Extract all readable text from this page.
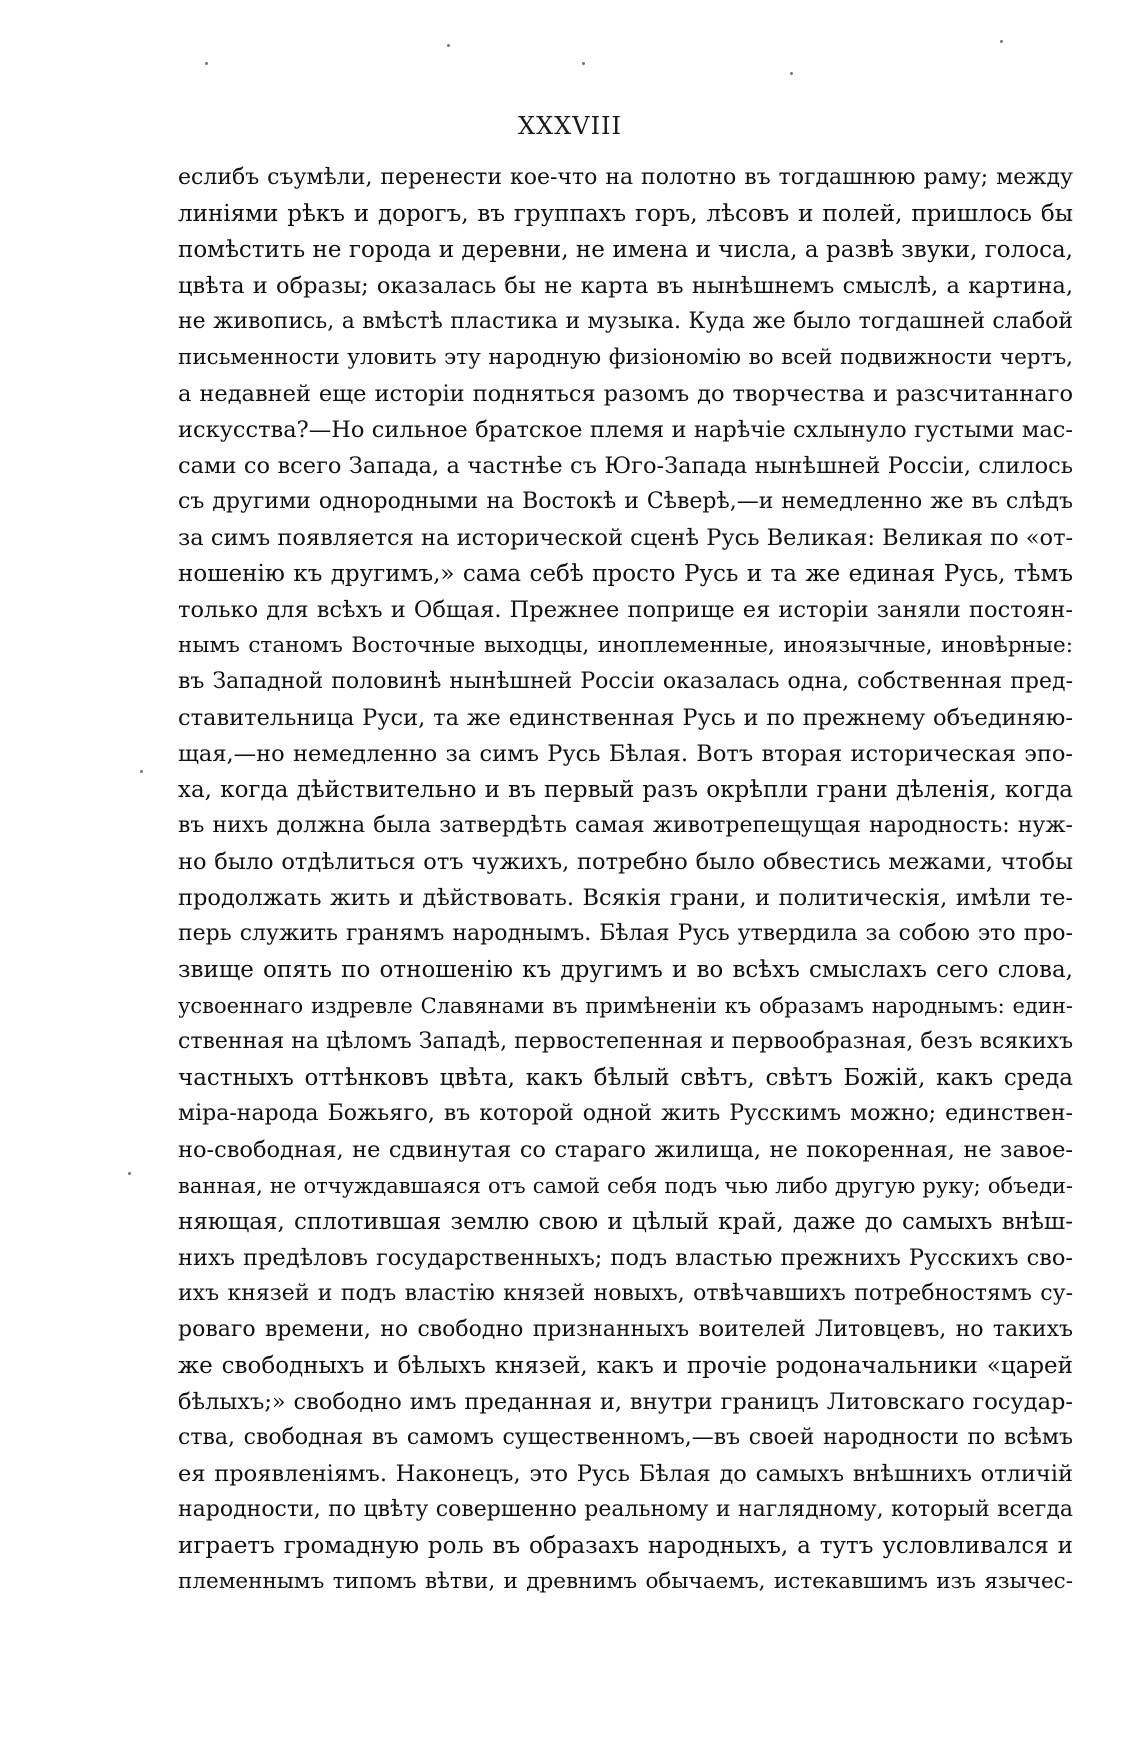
XXXVIII
еслибъ съумѣли, перенести кое-что на полотно въ тогдашнюю раму; между
линіями рѣкъ и дорогъ, въ группахъ горъ, лѣсовъ и полей, пришлось бы
помѣстить не города и деревни, не имена и числа, а развѣ звуки, голоса,
цвѣта и образы; оказалась бы не карта въ нынѣшнемъ смыслѣ, а картина,
не живопись, а вмѣстѣ пластика и музыка. Куда же было тогдашней слабой
письменности уловить эту народную физіономію во всей подвижности чертъ,
а недавней еще исторіи подняться разомъ до творчества и разсчитаннаго
искусства?—Но сильное братское племя и нарѣчіе схлынуло густыми мас-
сами со всего Запада, а частнѣе съ Юго-Запада нынѣшней Россіи, слилось
съ другими однородными на Востокѣ и Сѣверѣ,—и немедленно же въ слѣдъ
за симъ появляется на исторической сценѣ Русь Великая: Великая по «от-
ношенію къ другимъ,» сама себѣ просто Русь и та же единая Русь, тѣмъ
только для всѣхъ и Общая. Прежнее поприще ея исторіи заняли постоян-
нымъ станомъ Восточные выходцы, иноплеменные, иноязычные, иновѣрные:
въ Западной половинѣ нынѣшней Россіи оказалась одна, собственная пред-
ставительница Руси, та же единственная Русь и по прежнему объединяю-
щая,—но немедленно за симъ Русь Бѣлая. Вотъ вторая историческая эпо-
ха, когда дѣйствительно и въ первый разъ окрѣпли грани дѣленія, когда
въ нихъ должна была затвердѣть самая животрепещущая народность: нуж-
но было отдѣлиться отъ чужихъ, потребно было обвестись межами, чтобы
продолжать жить и дѣйствовать. Всякія грани, и политическія, имѣли те-
перь служить гранямъ народнымъ. Бѣлая Русь утвердила за собою это про-
звище опять по отношенію къ другимъ и во всѣхъ смыслахъ сего слова,
усвоеннаго издревле Славянами въ примѣненіи къ образамъ народнымъ: един-
ственная на цѣломъ Западѣ, первостепенная и первообразная, безъ всякихъ
частныхъ оттѣнковъ цвѣта, какъ бѣлый свѣтъ, свѣтъ Божій, какъ среда
міра-народа Божьяго, въ которой одной жить Русскимъ можно; единствен-
но-свободная, не сдвинутая со стараго жилища, не покоренная, не завое-
ванная, не отчуждавшаяся отъ самой себя подъ чью либо другую руку; объеди-
няющая, сплотившая землю свою и цѣлый край, даже до самыхъ внѣш-
нихъ предѣловъ государственныхъ; подъ властью прежнихъ Русскихъ сво-
ихъ князей и подъ властію князей новыхъ, отвѣчавшихъ потребностямъ су-
роваго времени, но свободно признанныхъ воителей Литовцевъ, но такихъ
же свободныхъ и бѣлыхъ князей, какъ и прочіе родоначальники «царей
бѣлыхъ;» свободно имъ преданная и, внутри границъ Литовскаго государ-
ства, свободная въ самомъ существенномъ,—въ своей народности по всѣмъ
ея проявленіямъ. Наконецъ, это Русь Бѣлая до самыхъ внѣшнихъ отличій
народности, по цвѣту совершенно реальному и наглядному, который всегда
играетъ громадную роль въ образахъ народныхъ, а тутъ условливался и
племеннымъ типомъ вѣтви, и древнимъ обычаемъ, истекавшимъ изъ язычес-
